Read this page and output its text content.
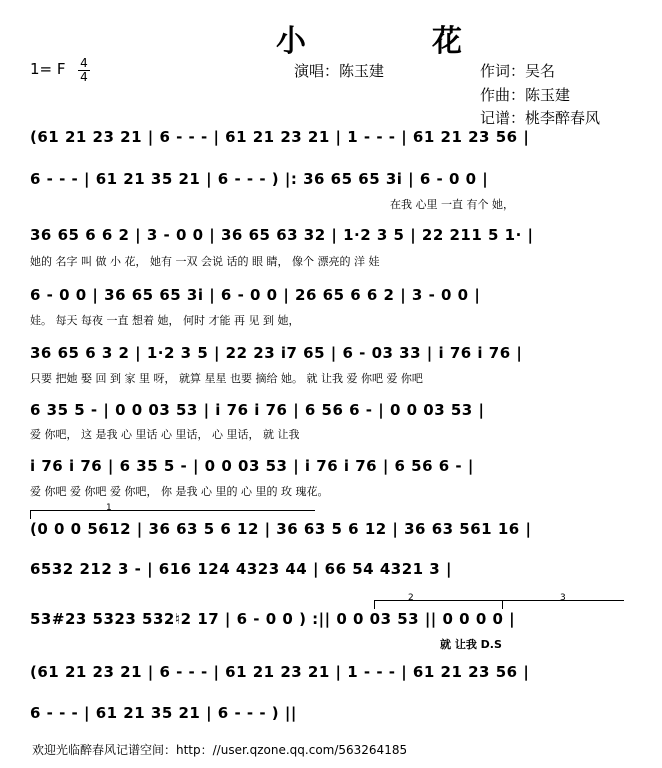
小　花
1= F 4
4	演唱：陈玉建	作词：吴名
作曲：陈玉建
记谱：桃李醉春风
(61 21 23 21 | 6 - - - | 61 21 23 21 | 1 - - - | 61 21 23 56 |
6 - - - | 61 21 35 21 | 6 - - - ) |: 36 65 65 3i | 6 - 0 0 |
在我 心里 一直 有个 她，
36 65 6 6 2 | 3 - 0 0 | 36 65 63 32 | 1·2 3 5 | 22 211 5 1· |
她的 名字 叫 做 小 花， 她有 一双 会说 话的 眼 睛， 像个 漂亮的 洋 娃
6 - 0 0 | 36 65 65 3i | 6 - 0 0 | 26 65 6 6 2 | 3 - 0 0 |
娃。 每天 每夜 一直 想着 她， 何时 才能 再 见 到 她，
36 65 6 3 2 | 1·2 3 5 | 22 23 i7 65 | 6 - 03 33 | i 76 i 76 |
只要 把她 娶 回 到 家 里 呀， 就算 星星 也要 摘给 她。 就 让我 爱 你吧 爱 你吧
6 35 5 - | 0 0 03 53 | i 76 i 76 | 6 56 6 - | 0 0 03 53 |
爱 你吧， 这 是我 心 里话 心 里话， 心 里话， 就 让我
i 76 i 76 | 6 35 5 - | 0 0 03 53 | i 76 i 76 | 6 56 6 - |
爱 你吧 爱 你吧 爱 你吧， 你 是我 心 里的 心 里的 玫 瑰花。
1
(0 0 0 5612 | 36 63 5 6 12 | 36 63 5 6 12 | 36 63 561 16 |
6532 212 3 - | 616 124 4323 44 | 66 54 4321 3 |
2	3
53#23 5323 532♮2 17 | 6 - 0 0 ) :|| 0 0 03 53 || 0 0 0 0 |
就 让我 D.S
(61 21 23 21 | 6 - - - | 61 21 23 21 | 1 - - - | 61 21 23 56 |
6 - - - | 61 21 35 21 | 6 - - - ) ||
欢迎光临醉春风记谱空间：http：//user.qzone.qq.com/563264185
